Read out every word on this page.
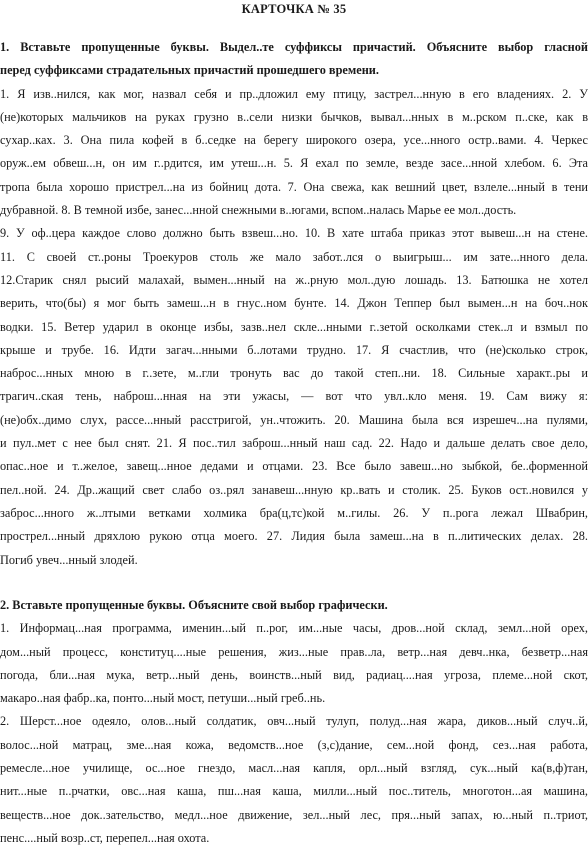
КАРТОЧКА № 35
1. Вставьте пропущенные буквы. Выдел..те суффиксы причастий. Объясните выбор гласной
перед суффиксами страдательных причастий прошедшего времени.
1. Я изв..нился, как мог, назвал себя и пр..дложил ему птицу, застрел...нную в его владениях. 2. У
(не)которых мальчиков на руках грузно в..сели низки бычков, вывал...нных в м..рском п..ске, как в
сухар..ках. 3. Она пила кофей в б..седке на берегу широкого озера, усе...нного остр..вами. 4. Черкес
оруж..ем обвеш...н, он им г..рдится, им утеш...н. 5. Я ехал по земле, везде засе...нной хлебом. 6. Эта
тропа была хорошо пристрел...на из бойниц дота. 7. Она свежа, как вешний цвет, взлеле...нный в тени
дубравной. 8. В темной избе, занес...нной снежными в..югами, вспом..налась Марье ее мол..дость.
9. У оф..цера каждое слово должно быть взвеш...но. 10. В хате штаба приказ этот вывеш...н на стене.
11. С своей ст..роны Троекуров столь же мало забот..лся о выигрыш... им зате...нного дела.
12.Старик снял рысий малахай, вымен...нный на ж..рную мол..дую лошадь. 13. Батюшка не хотел
верить, что(бы) я мог быть замеш...н в гнус..ном бунте. 14. Джон Теппер был вымен...н на боч..нок
водки. 15. Ветер ударил в оконце избы, зазв..нел скле...нными г..зетой осколками стек..л и взмыл по
крыше и трубе. 16. Идти загач...нными б..лотами трудно. 17. Я счастлив, что (не)сколько строк,
наброс...нных мною в г..зете, м..гли тронуть вас до такой степ..ни. 18. Сильные характ..ры и
трагич..ская тень, наброш...нная на эти ужасы, — вот что увл..кло меня. 19. Сам вижу я:
(не)обх..димо слух, рассе...нный расстригой, ун..чтожить. 20. Машина была вся изрешеч...на пулями,
и пул..мет с нее был снят. 21. Я пос..тил заброш...нный наш сад. 22. Надо и дальше делать свое дело,
опас..ное и т..желое, завещ...нное дедами и отцами. 23. Все было завеш...но зыбкой, бе..форменной
пел..ной. 24. Др..жащий свет слабо оз..рял занавеш...нную кр..вать и столик. 25. Буков ост..новился у
заброс...нного ж..лтыми ветками холмика бра(ц,тс)кой м..гилы. 26. У п..рога лежал Швабрин,
прострел...нный дряхлою рукою отца моего. 27. Лидия была замеш...на в п..литических делах. 28.
Погиб увеч...нный злодей.
2. Вставьте пропущенные буквы. Объясните свой выбор графически.
1. Информац...ная программа, именин...ый п..рог, им...ные часы, дров...ной склад, земл...ной орех,
дом...ный процесс, конституц....ные решения, жиз...ные прав..ла, ветр...ная девч..нка, безветр...ная
погода, бли...ная мука, ветр...ный день, воинств...ный вид, радиац....ная угроза, племе...ной скот,
макаро..ная фабр..ка, понто...ный мост, петуши...ный греб..нь.
2. Шерст...ное одеяло, олов...ный солдатик, овч...ный тулуп, полуд...ная жара, диков...ный случ..й,
волос...ной матрац, зме...ная кожа, ведомств...ное (з,с)дание, сем...ной фонд, сез...ная работа,
ремесле...ное училище, ос...ное гнездо, масл...ная капля, орл...ный взгляд, сук...ный ка(в,ф)тан,
нит...ные п..рчатки, овс...ная каша, пш...ная каша, милли...ный пос..титель, многотон...ая машина,
веществ...ное док..зательство, медл...ное движение, зел...ный лес, пря...ный запах, ю...ный п..триот,
пенс....ный возр..ст, перепел...ная охота.
